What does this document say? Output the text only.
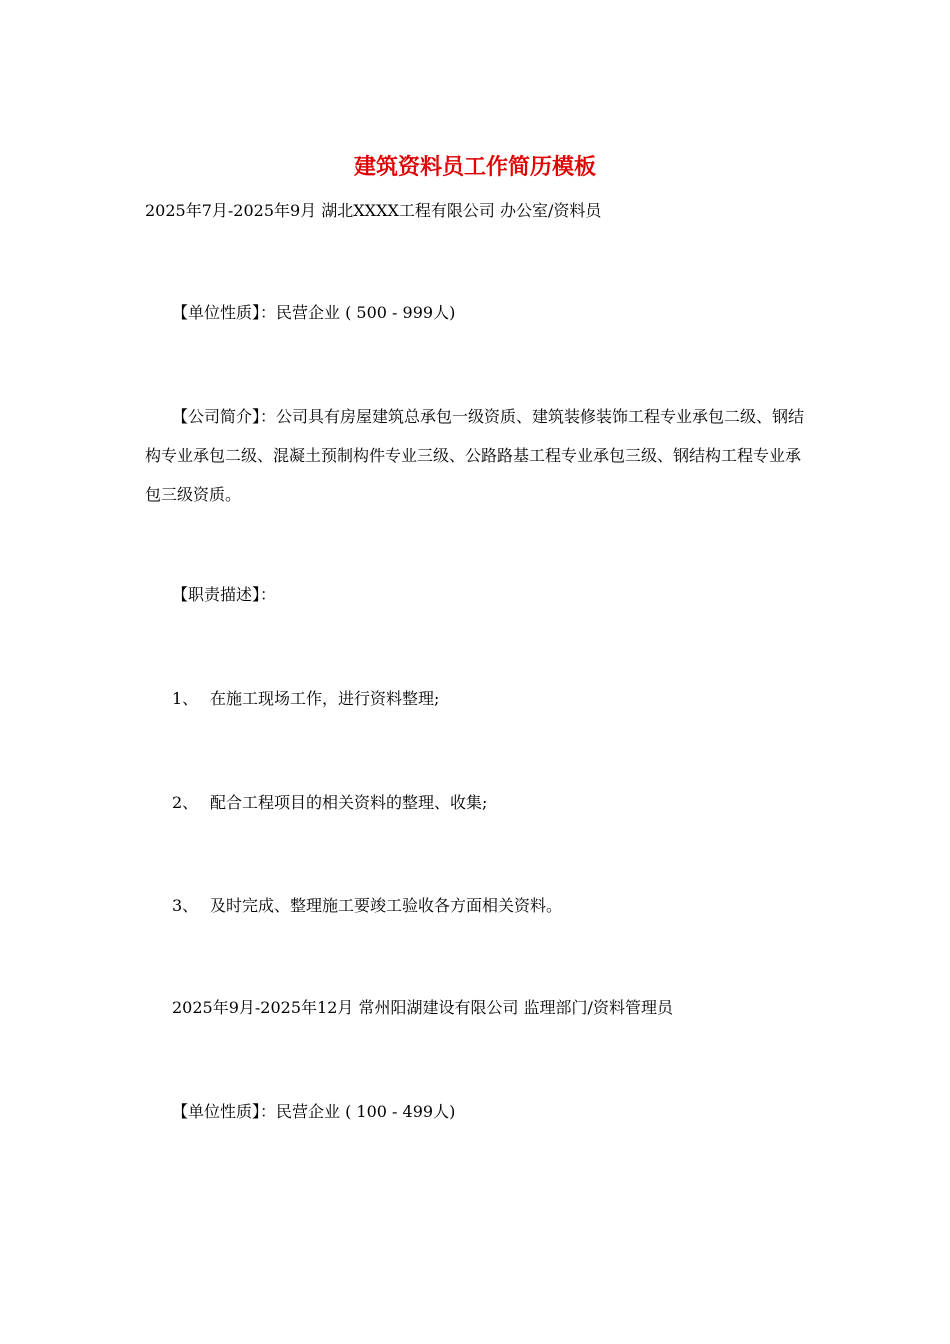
建筑资料员工作简历模板
2025年7月-2025年9月 湖北XXXX工程有限公司 办公室/资料员
【单位性质】：民营企业 ( 500 - 999人)
【公司简介】：公司具有房屋建筑总承包一级资质、建筑装修装饰工程专业承包二级、钢结构专业承包二级、混凝土预制构件专业三级、公路路基工程专业承包三级、钢结构工程专业承包三级资质。
【职责描述】：
1、 在施工现场工作，进行资料整理;
2、 配合工程项目的相关资料的整理、收集;
3、 及时完成、整理施工要竣工验收各方面相关资料。
2025年9月-2025年12月 常州阳湖建设有限公司 监理部门/资料管理员
【单位性质】：民营企业 ( 100 - 499人)
